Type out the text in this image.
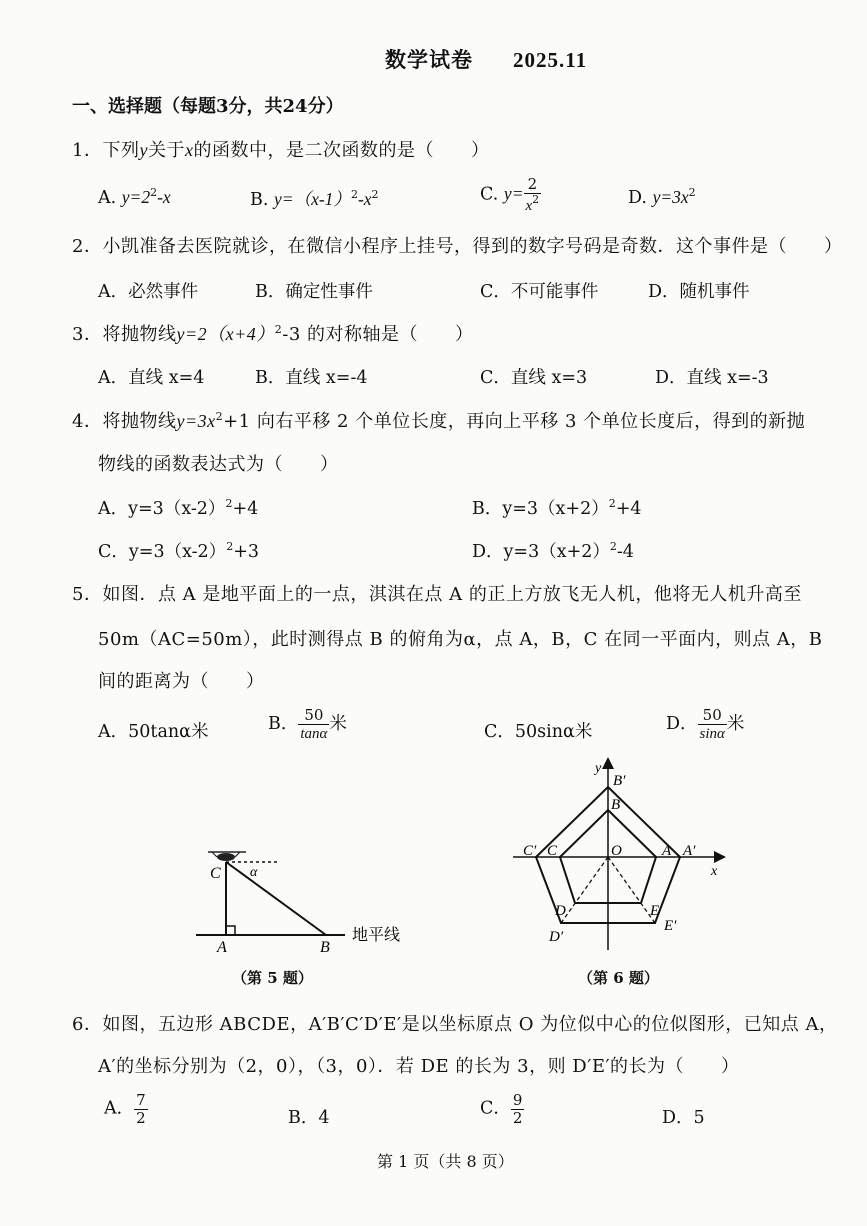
数学试卷 2025.11
一、选择题（每题3分，共24分）
1．下列y关于x的函数中，是二次函数的是（　　）
A. $y=2^2-x$	B. $y=(x-1)^2-x^2$	C. $y= \frac{2}{x^2}$	D. $y=3x^2$
2．小凯准备去医院就诊，在微信小程序上挂号，得到的数字号码是奇数．这个事件是（　　）
A．必然事件	B．确定性事件	C．不可能事件	D．随机事件
3．将抛物线$y=2(x+4)^2-3$ 的对称轴是（　　）
A．直线 x=4	B．直线 x=-4	C．直线 x=3	D．直线 x=-3
4．将抛物线$y=3x^2+1$ 向右平移 2 个单位长度，再向上平移 3 个单位长度后，得到的新抛
物线的函数表达式为（　　）
A．$y=3(x-2)^2+4$	B．$y=3(x+2)^2+4$
C．$y=3(x-2)^2+3$	D．$y=3(x+2)^2-4$
5．如图．点 A 是地平面上的一点，淇淇在点 A 的正上方放飞无人机，他将无人机升高至
50m（AC=50m），此时测得点 B 的俯角为α，点 A，B，C 在同一平面内，则点 A，B
间的距离为（　　）
A．50tanα米	B． $\frac{50}{\tan\alpha}$ 米	C．50sinα米	D． $\frac{50}{\sin\alpha}$ 米
C α
A	B
地平线
（第 5 题）
y
x
B′
B
C′ C	O	A A′
D	E
D′
E′
（第 6 题）
6．如图，五边形 ABCDE，A′B′C′D′E′是以坐标原点 O 为位似中心的位似图形，已知点 A，
A′的坐标分别为（2，0），（3，0）．若 DE 的长为 3，则 D′E′的长为（　　）
A． $\frac{7}{2}$	B．4	C． $\frac{9}{2}$	D．5
第 1 页（共 8 页）
